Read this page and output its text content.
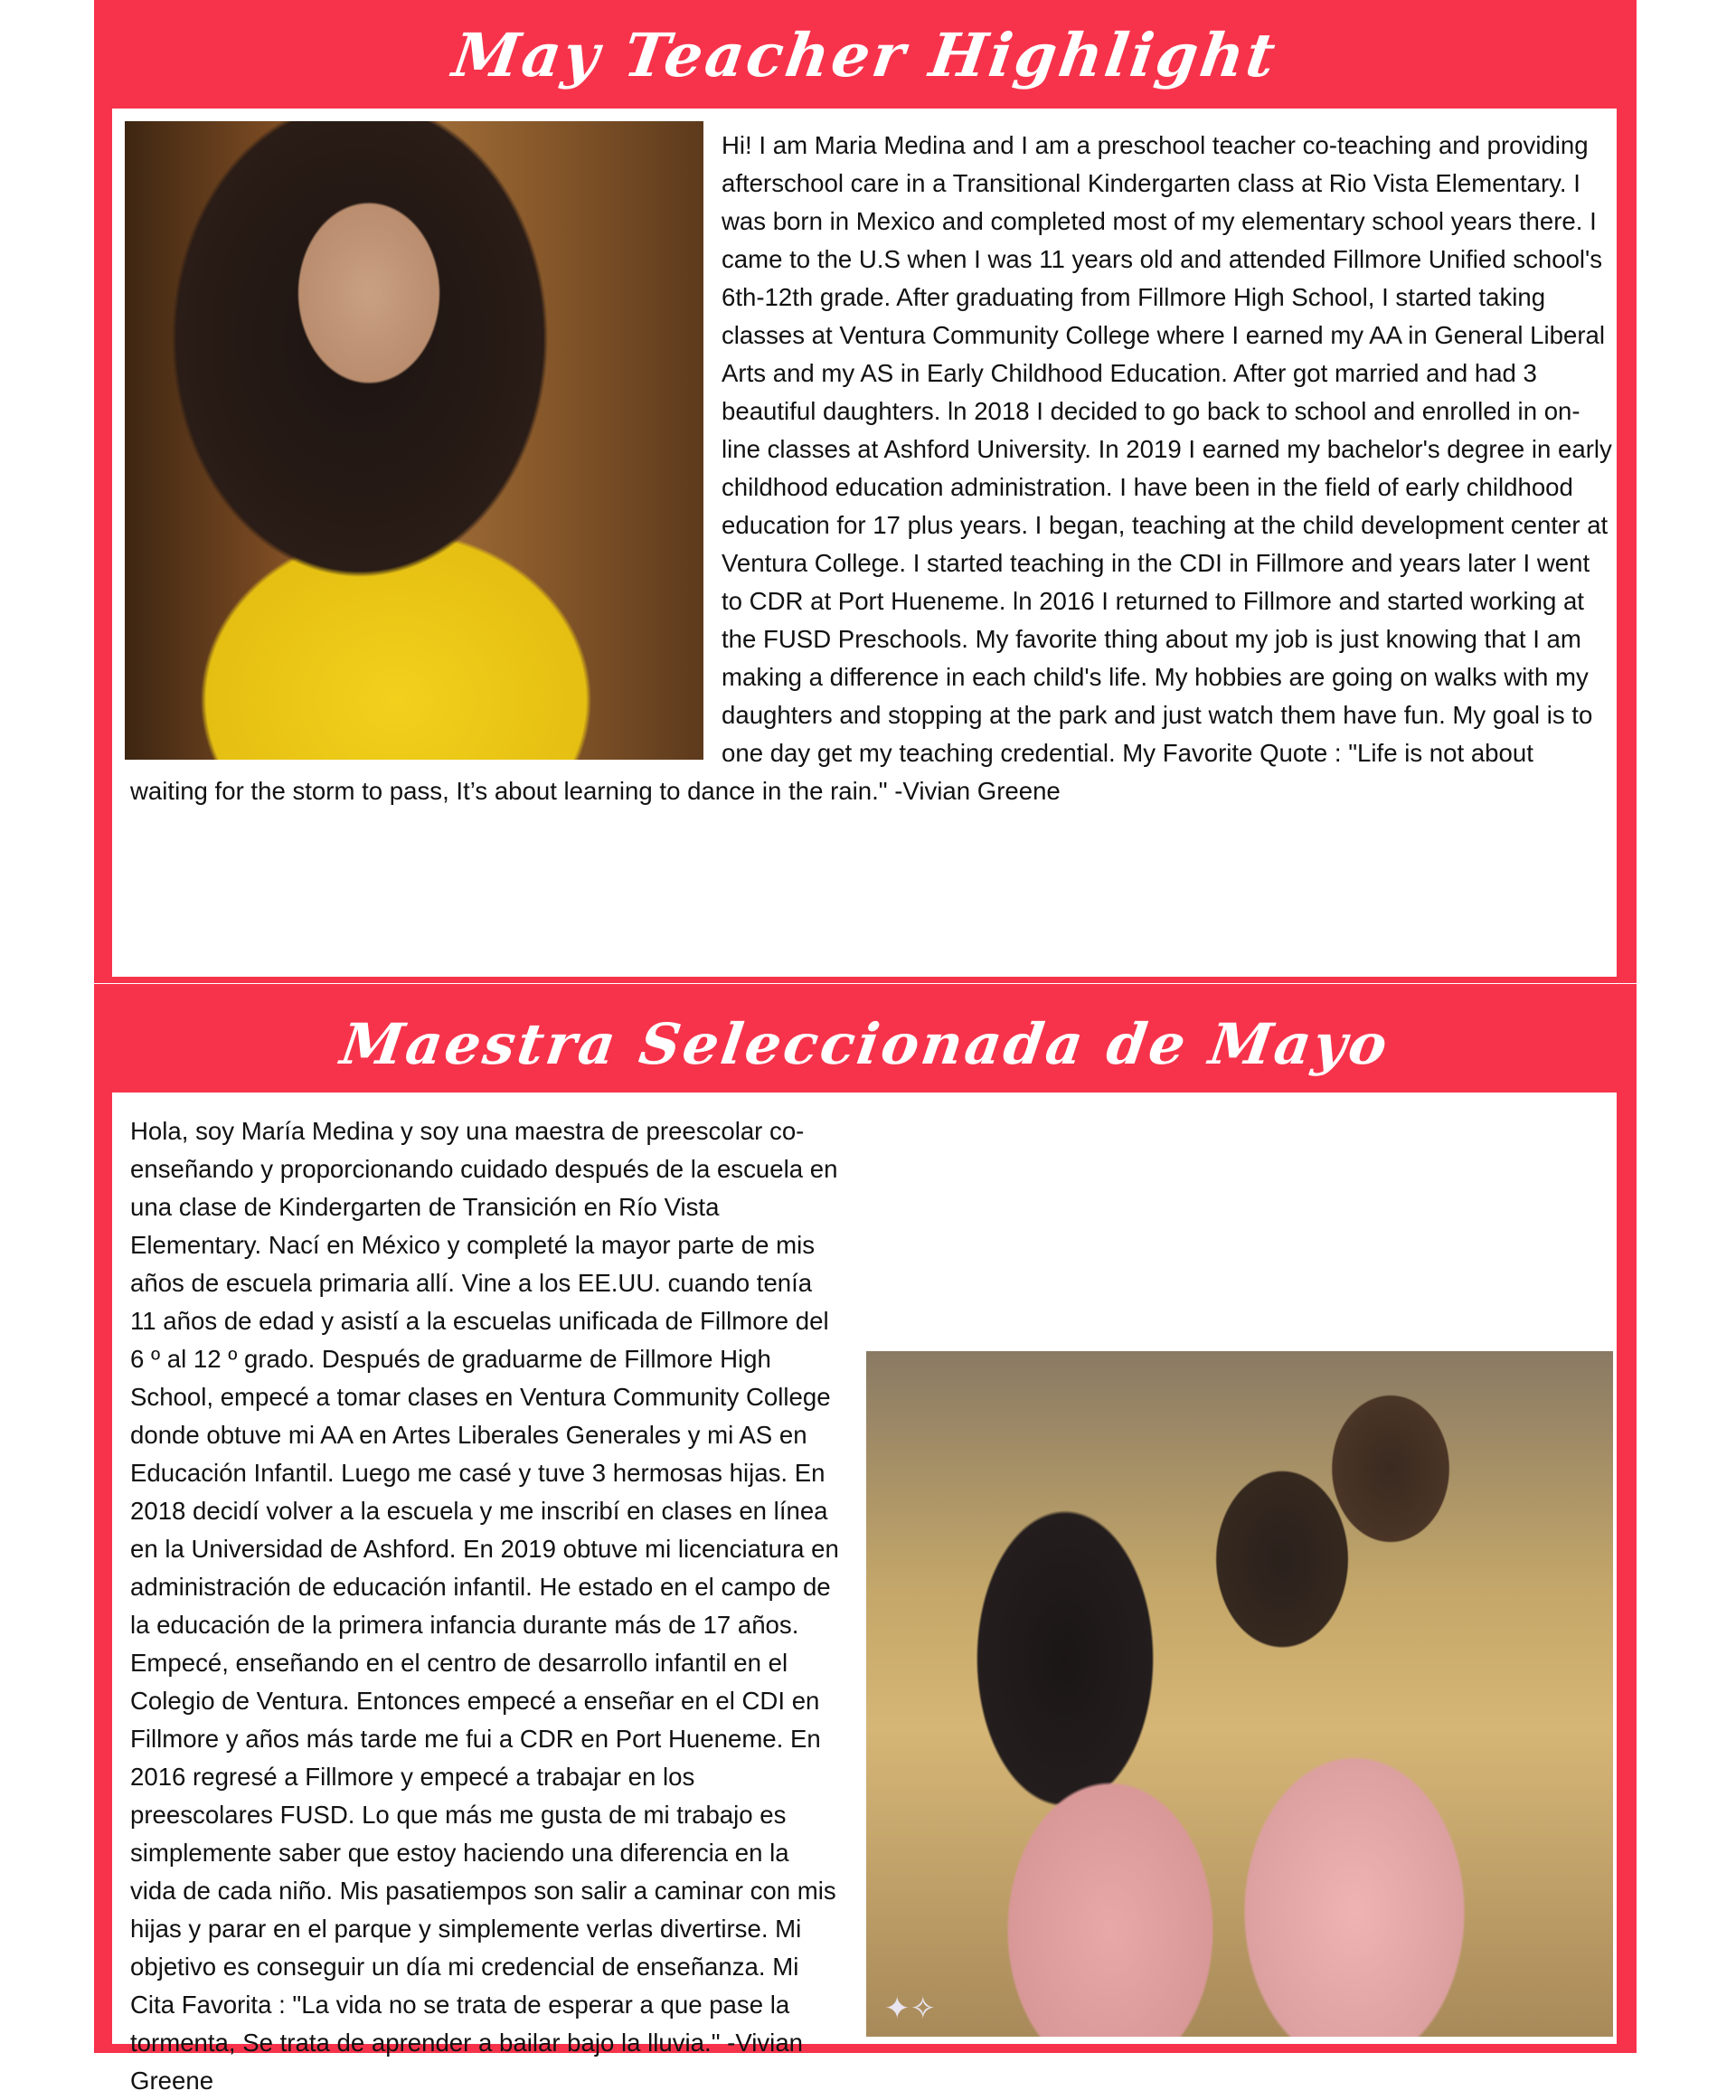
May Teacher Highlight

Hi! I am Maria Medina and I am a preschool teacher co-teaching and providing afterschool care in a Transitional Kindergarten class at Rio Vista Elementary. I was born in Mexico and completed most of my elementary school years there. I came to the U.S when I was 11 years old and attended Fillmore Unified school's 6th-12th grade. After graduating from Fillmore High School, I started taking classes at Ventura Community College where I earned my AA in General Liberal Arts and my AS in Early Childhood Education. After got married and had 3 beautiful daughters. ln 2018 I decided to go back to school and enrolled in on-line classes at Ashford University. In 2019 I earned my bachelor's degree in early childhood education administration. I have been in the field of early childhood education for 17 plus years. I began, teaching at the child development center at Ventura College. I started teaching in the CDI in Fillmore and years later I went to CDR at Port Hueneme. ln 2016 I returned to Fillmore and started working at the FUSD Preschools. My favorite thing about my job is just knowing that I am making a difference in each child's life. My hobbies are going on walks with my daughters and stopping at the park and just watch them have fun. My goal is to one day get my teaching credential. My Favorite Quote : "Life is not about waiting for the storm to pass, It’s about learning to dance in the rain." -Vivian Greene

Maestra Seleccionada de Mayo
✦✧

Hola, soy María Medina y soy una maestra de preescolar co-enseñando y proporcionando cuidado después de la escuela en una clase de Kindergarten de Transición en Río Vista Elementary. Nací en México y completé la mayor parte de mis años de escuela primaria allí. Vine a los EE.UU. cuando tenía 11 años de edad y asistí a la escuelas unificada de Fillmore del 6 º al 12 º grado. Después de graduarme de Fillmore High School, empecé a tomar clases en Ventura Community College donde obtuve mi AA en Artes Liberales Generales y mi AS en Educación Infantil. Luego me casé y tuve 3 hermosas hijas. En 2018 decidí volver a la escuela y me inscribí en clases en línea en la Universidad de Ashford. En 2019 obtuve mi licenciatura en administración de educación infantil. He estado en el campo de la educación de la primera infancia durante más de 17 años. Empecé, enseñando en el centro de desarrollo infantil en el Colegio de Ventura. Entonces empecé a enseñar en el CDI en Fillmore y años más tarde me fui a CDR en Port Hueneme. En 2016 regresé a Fillmore y empecé a trabajar en los preescolares FUSD. Lo que más me gusta de mi trabajo es simplemente saber que estoy haciendo una diferencia en la vida de cada niño. Mis pasatiempos son salir a caminar con mis hijas y parar en el parque y simplemente verlas divertirse. Mi objetivo es conseguir un día mi credencial de enseñanza. Mi Cita Favorita : "La vida no se trata de esperar a que pase la tormenta, Se trata de aprender a bailar bajo la lluvia." -Vivian Greene
